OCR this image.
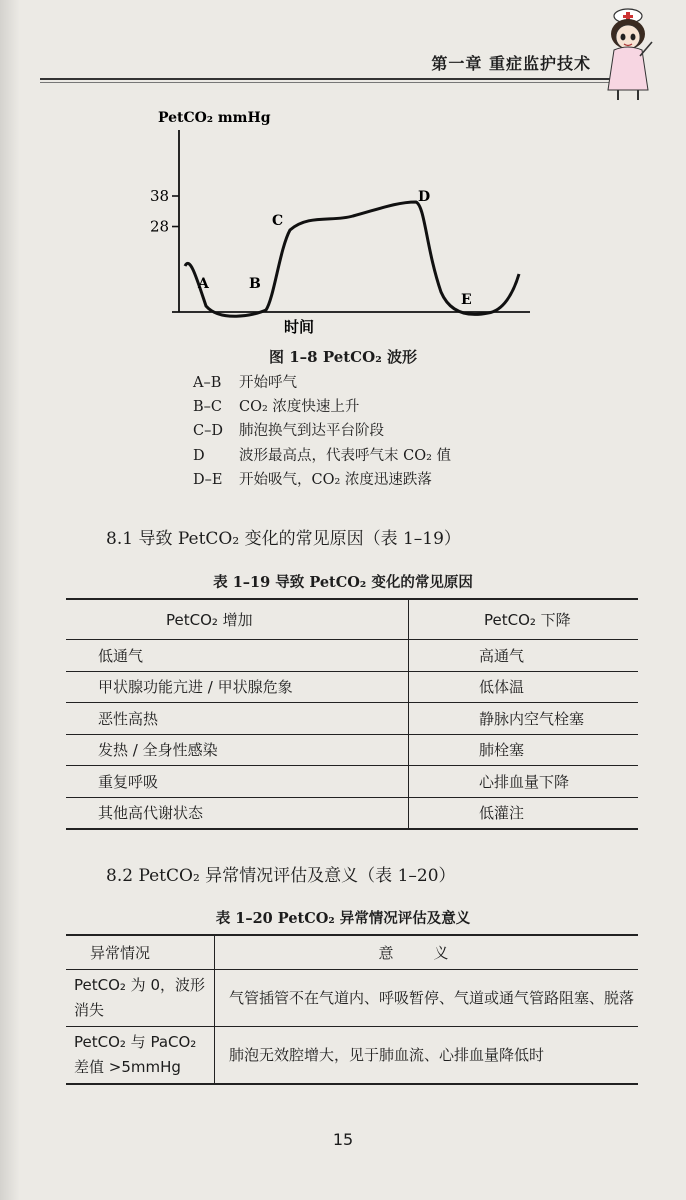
第一章 重症监护技术
PetCO₂ mmHg
38
28
A	B
C
D
E
时间
图 1–8 PetCO₂ 波形
A–B 开始呼气
B–C CO₂ 浓度快速上升
C–D 肺泡换气到达平台阶段
D 波形最高点，代表呼气末 CO₂ 值
D–E 开始吸气，CO₂ 浓度迅速跌落
8.1 导致 PetCO₂ 变化的常见原因（表 1–19）
表 1–19 导致 PetCO₂ 变化的常见原因
PetCO₂ 增加	PetCO₂ 下降
低通气	高通气
甲状腺功能亢进 / 甲状腺危象	低体温
恶性高热	静脉内空气栓塞
发热 / 全身性感染	肺栓塞
重复呼吸	心排血量下降
其他高代谢状态	低灌注
8.2 PetCO₂ 异常情况评估及意义（表 1–20）
表 1–20 PetCO₂ 异常情况评估及意义
异常情况	意义
PetCO₂ 为 0，波形消失	气管插管不在气道内、呼吸暂停、气道或通气管路阻塞、脱落
PetCO₂ 与 PaCO₂ 差值 >5mmHg	肺泡无效腔增大，见于肺血流、心排血量降低时
15
